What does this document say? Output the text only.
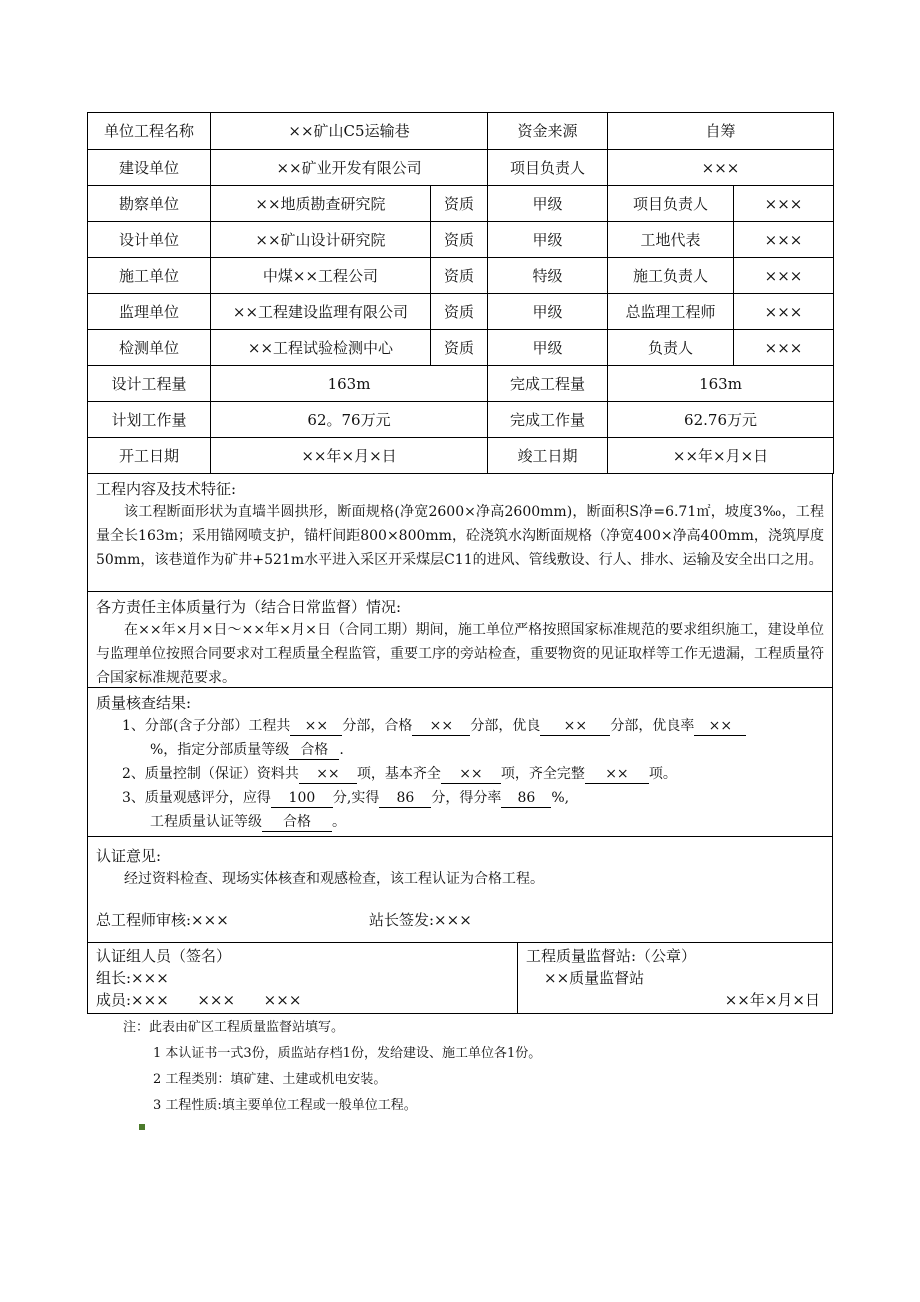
单位工程名称	××矿山C5运输巷		资金来源	自筹	
建设单位	××矿业开发有限公司		项目负责人	×××	
勘察单位	××地质勘查研究院	资质	甲级	项目负责人	×××
设计单位	××矿山设计研究院	资质	甲级	工地代表	×××
施工单位	中煤××工程公司	资质	特级	施工负责人	×××
监理单位	××工程建设监理有限公司	资质	甲级	总监理工程师	×××
检测单位	××工程试验检测中心	资质	甲级	负责人	×××
设计工程量	163m		完成工程量	163m	
计划工作量	62。76万元		完成工作量	62.76万元	
开工日期	××年×月×日		竣工日期	××年×月×日	
工程内容及技术特征:
该工程断面形状为直墙半圆拱形，断面规格(净宽2600×净高2600mm)，断面积S净=6.71㎡，坡度3‰，工程量全长163m；采用锚网喷支护，锚杆间距800×800mm，砼浇筑水沟断面规格（净宽400×净高400mm，浇筑厚度50mm，该巷道作为矿井+521m水平进入采区开采煤层C11的进风、管线敷设、行人、排水、运输及安全出口之用。
各方责任主体质量行为（结合日常监督）情况:
在××年×月×日～××年×月×日（合同工期）期间，施工单位严格按照国家标准规范的要求组织施工，建设单位与监理单位按照合同要求对工程质量全程监管，重要工序的旁站检查，重要物资的见证取样等工作无遗漏，工程质量符合国家标准规范要求。
质量核查结果:
1、分部(含子分部）工程共 ×× 分部，合格 ×× 分部，优良 ×× 分部，优良率 ××
%，指定分部质量等级 合格 .
2、质量控制（保证）资料共 ×× 项，基本齐全 ×× 项，齐全完整 ×× 项。
3、质量观感评分，应得 100 分,实得 86 分，得分率 86 %,
工程质量认证等级 合格 。
认证意见:
经过资料检查、现场实体核查和观感检查，该工程认证为合格工程。
总工程师审核:×××	站长签发:×××
认证组人员（签名）
组长:×××
成员:×××      ×××      ×××
工程质量监督站:（公章）
××质量监督站
××年×月×日
注：此表由矿区工程质量监督站填写。
1 本认证书一式3份，质监站存档1份，发给建设、施工单位各1份。
2 工程类别：填矿建、土建或机电安装。
3 工程性质:填主要单位工程或一般单位工程。
